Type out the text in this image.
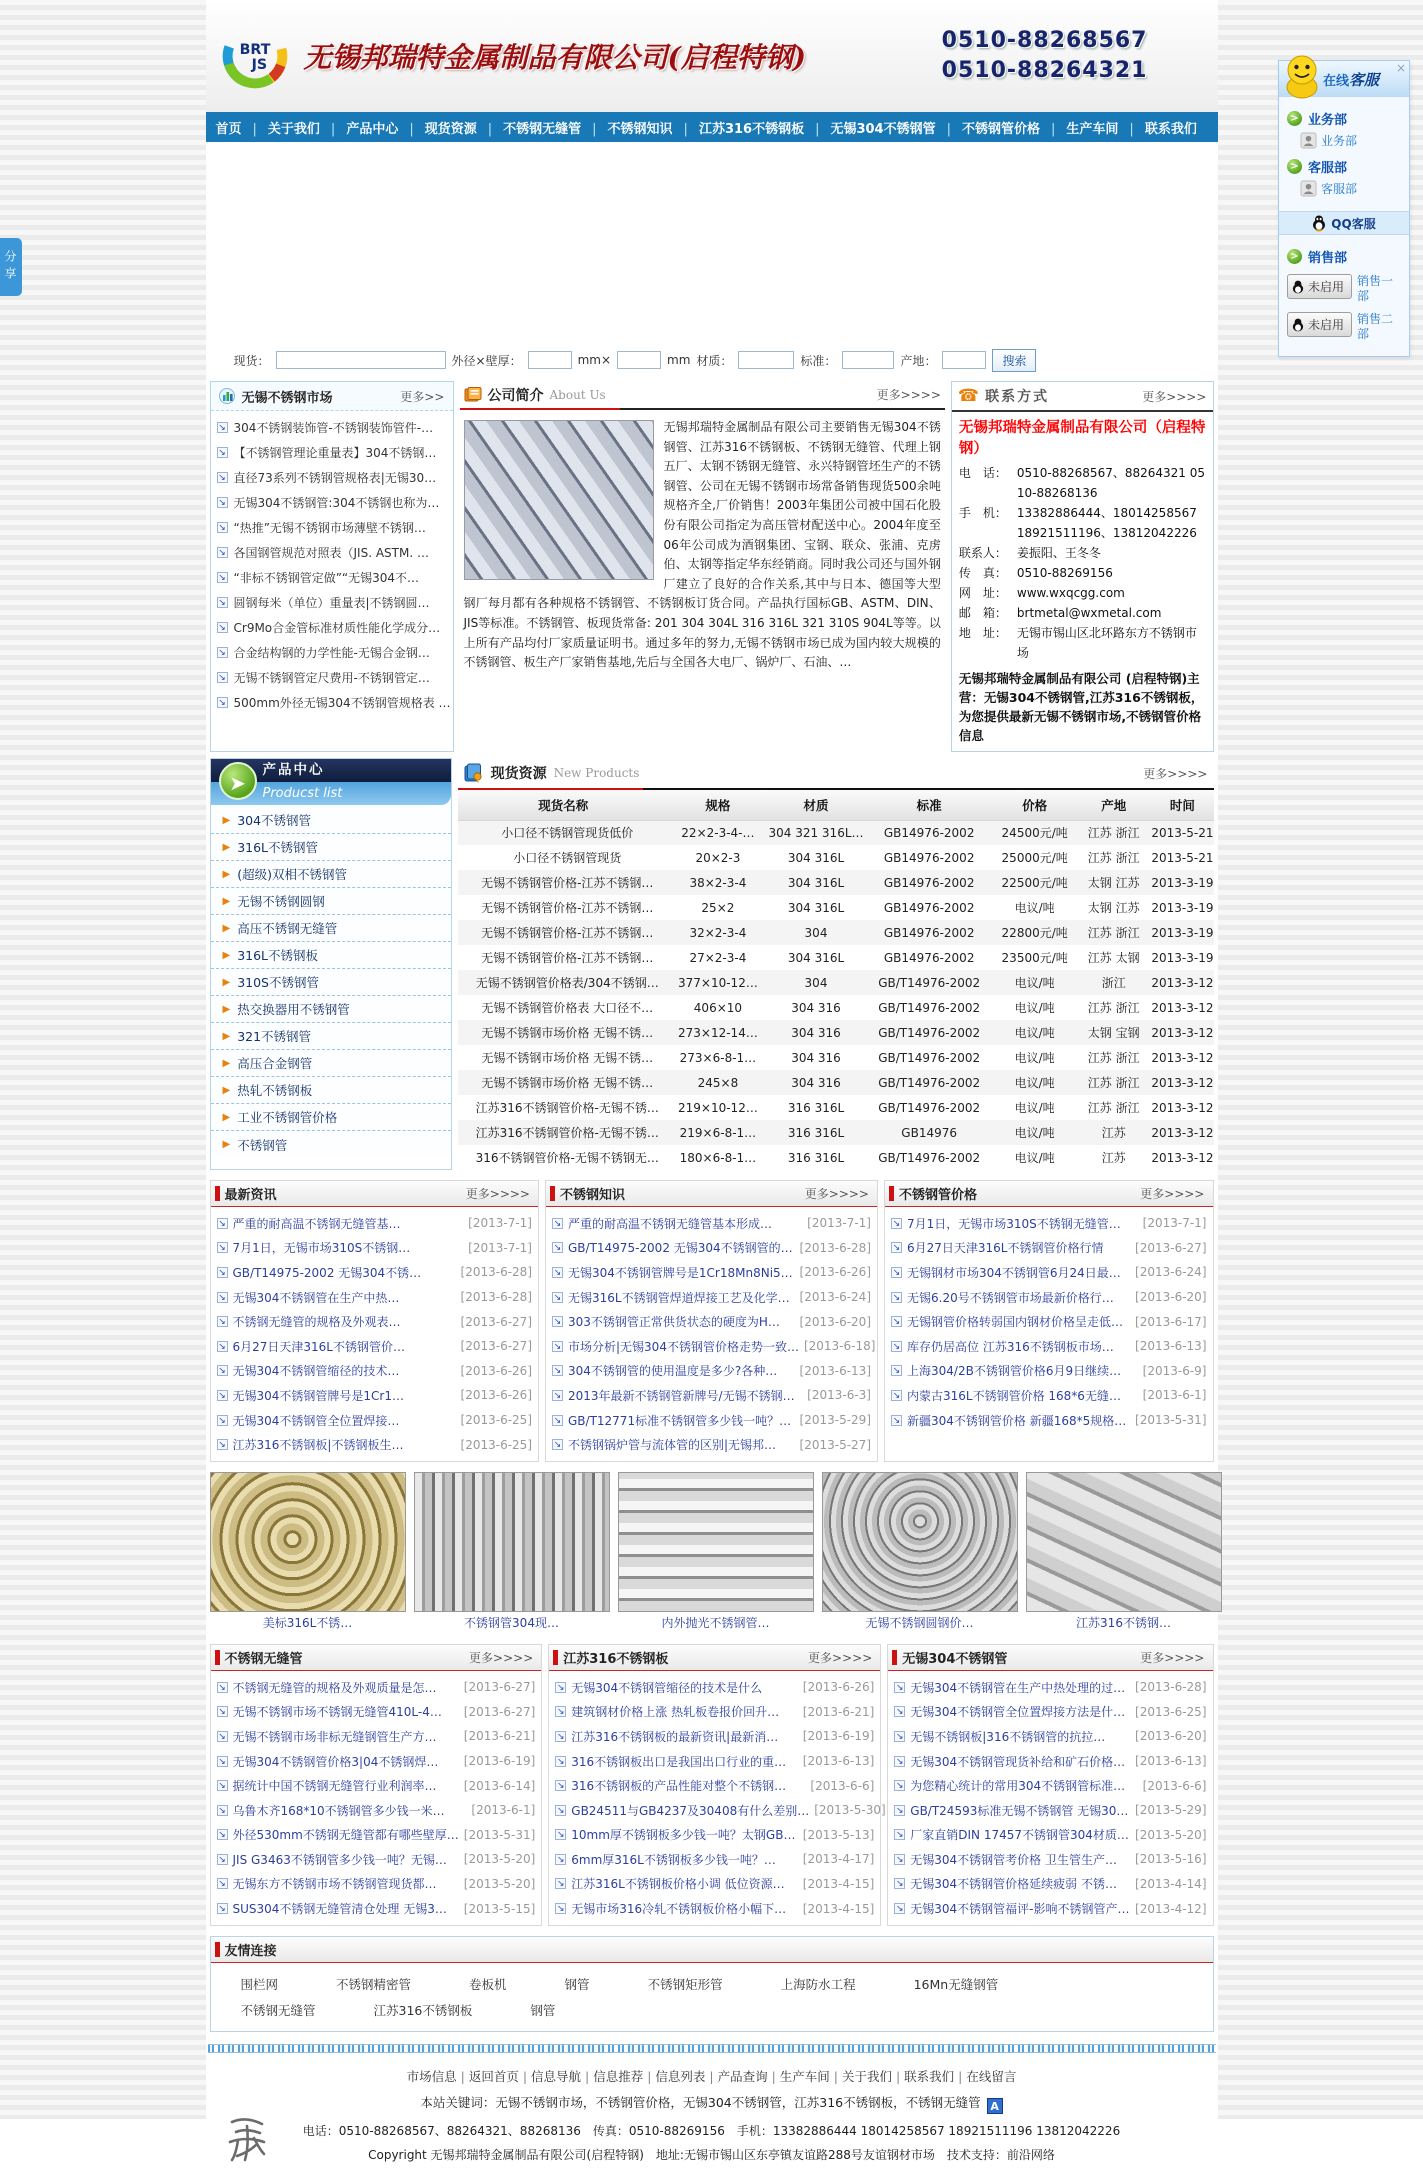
分享
在线 客服
×
> 业务部
业务部
> 客服部
客服部
QQ客服
> 销售部
未启用 销售一部
未启用 销售二部
BRT
JS 无锡邦瑞特金属制品有限公司(启程特钢)
0510-88268567
0510-88264321
首页	| 关于我们	| 产品中心	| 现货资源	| 不锈钢无缝管	| 不锈钢知识	| 江苏316不锈钢板	| 无锡304不锈钢管	| 不锈钢管价格	| 生产车间	| 联系我们
现货：	外径×壁厚：	mm×	mm 材质：	标准：	产地：	搜索
无锡不锈钢市场	更多>>
↘ 304不锈钢装饰管-不锈钢装饰管件-…
↘ 【不锈钢管理论重量表】304不锈钢…
↘ 直径73系列不锈钢管规格表|无锡30…
↘ 无锡304不锈钢管:304不锈钢也称为…
↘ “热推”无锡不锈钢市场薄壁不锈钢…
↘ 各国钢管规范对照表（JIS. ASTM. …
↘ “非标不锈钢管定做”“无锡304不…
↘ 圆钢每米（单位）重量表|不锈钢圆…
↘ Cr9Mo合金管标准材质性能化学成分…
↘ 合金结构钢的力学性能-无锡合金钢…
↘ 无锡不锈钢管定尺费用-不锈钢管定…
↘ 500mm外径无锡304不锈钢管规格表 …
公司简介 About Us	更多>>>>

无锡邦瑞特金属制品有限公司主要销售无锡304不锈钢管、江苏316不锈钢板、不锈钢无缝管、代理上钢五厂、太钢不锈钢无缝管、永兴特钢管坯生产的不锈钢管、公司在无锡不锈钢市场常备销售现货500余吨规格齐全,厂价销售！2003年集团公司被中国石化股份有限公司指定为高压管材配送中心。2004年度至06年公司成为酒钢集团、宝钢、联众、张浦、克虏伯、太钢等指定华东经销商。同时我公司还与国外钢厂建立了良好的合作关系,其中与日本、德国等大型钢厂每月都有各种规格不锈钢管、不锈钢板订货合同。产品执行国标GB、ASTM、DIN、JIS等标准。不锈钢管、板现货常备: 201 304 304L 316 316L 321 310S 904L等等。以上所有产品均付厂家质量证明书。通过多年的努力,无锡不锈钢市场已成为国内较大规模的不锈钢管、板生产厂家销售基地,先后与全国各大电厂、锅炉厂、石油、…

☎ 联系方式	更多>>>>
无锡邦瑞特金属制品有限公司（启程特钢）
电　话： 0510-88268567、88264321 0510-88268136
手　机： 13382886444、18014258567 18921511196、13812042226
联系人： 姜振阳、王冬冬
传　真： 0510-88269156
网　址： www.wxqcgg.com
邮　箱： brtmetal@wxmetal.com
地　址： 无锡市锡山区北环路东方不锈钢市场
无锡邦瑞特金属制品有限公司 (启程特钢)主营：无锡304不锈钢管,江苏316不锈钢板，为您提供最新无锡不锈钢市场,不锈钢管价格信息
产品中心
Producst list
➤
▶ 304不锈钢管
▶ 316L不锈钢管
▶ (超级)双相不锈钢管
▶ 无锡不锈钢圆钢
▶ 高压不锈钢无缝管
▶ 316L不锈钢板
▶ 310S不锈钢管
▶ 热交换器用不锈钢管
▶ 321不锈钢管
▶ 高压合金钢管
▶ 热轧不锈钢板
▶ 工业不锈钢管价格
▶ 不锈钢管
现货资源 New Products	更多>>>>
现货名称	规格	材质	标准	价格	产地	时间
小口径不锈钢管现货低价	22×2-3-4-…	304 321 316L…	GB14976-2002	24500元/吨	江苏 浙江	2013-5-21
小口径不锈钢管现货	20×2-3	304 316L	GB14976-2002	25000元/吨	江苏 浙江	2013-5-21
无锡不锈钢管价格-江苏不锈钢…	38×2-3-4	304 316L	GB14976-2002	22500元/吨	太钢 江苏	2013-3-19
无锡不锈钢管价格-江苏不锈钢…	25×2	304 316L	GB14976-2002	电议/吨	太钢 江苏	2013-3-19
无锡不锈钢管价格-江苏不锈钢…	32×2-3-4	304	GB14976-2002	22800元/吨	江苏 浙江	2013-3-19
无锡不锈钢管价格-江苏不锈钢…	27×2-3-4	304 316L	GB14976-2002	23500元/吨	江苏 太钢	2013-3-19
无锡不锈钢管价格表/304不锈钢…	377×10-12…	304	GB/T14976-2002	电议/吨	浙江	2013-3-12
无锡不锈钢管价格表 大口径不…	406×10	304 316	GB/T14976-2002	电议/吨	江苏 浙江	2013-3-12
无锡不锈钢市场价格 无锡不锈…	273×12-14…	304 316	GB/T14976-2002	电议/吨	太钢 宝钢	2013-3-12
无锡不锈钢市场价格 无锡不锈…	273×6-8-1…	304 316	GB/T14976-2002	电议/吨	江苏 浙江	2013-3-12
无锡不锈钢市场价格 无锡不锈…	245×8	304 316	GB/T14976-2002	电议/吨	江苏 浙江	2013-3-12
江苏316不锈钢管价格-无锡不锈…	219×10-12…	316 316L	GB/T14976-2002	电议/吨	江苏 浙江	2013-3-12
江苏316不锈钢管价格-无锡不锈…	219×6-8-1…	316 316L	GB14976	电议/吨	江苏	2013-3-12
316不锈钢管价格-无锡不锈钢无…	180×6-8-1…	316 316L	GB/T14976-2002	电议/吨	江苏	2013-3-12
最新资讯	更多>>>>
↘ 严重的耐高温不锈钢无缝管基…	[2013-7-1]
↘ 7月1日，无锡市场310S不锈钢…	[2013-7-1]
↘ GB/T14975-2002 无锡304不锈…	[2013-6-28]
↘ 无锡304不锈钢管在生产中热…	[2013-6-28]
↘ 不锈钢无缝管的规格及外观表…	[2013-6-27]
↘ 6月27日天津316L不锈钢管价…	[2013-6-27]
↘ 无锡304不锈钢管缩径的技术…	[2013-6-26]
↘ 无锡304不锈钢管牌号是1Cr1…	[2013-6-26]
↘ 无锡304不锈钢管全位置焊接…	[2013-6-25]
↘ 江苏316不锈钢板|不锈钢板生…	[2013-6-25]
不锈钢知识	更多>>>>
↘ 严重的耐高温不锈钢无缝管基本形成…	[2013-7-1]
↘ GB/T14975-2002 无锡304不锈钢管的… [2013-6-28]
↘ 无锡304不锈钢管牌号是1Cr18Mn8Ni5… [2013-6-26]
↘ 无锡316L不锈钢管焊道焊接工艺及化学… [2013-6-24]
↘ 303不锈钢管正常供货状态的硬度为H…	[2013-6-20]
↘ 市场分析|无锡304不锈钢管价格走势一致… [2013-6-18]
↘ 304不锈钢管的使用温度是多少?各种…	[2013-6-13]
↘ 2013年最新不锈钢管新牌号/无锡不锈钢…	[2013-6-3]
↘ GB/T12771标准不锈钢管多少钱一吨？… [2013-5-29]
↘ 不锈钢锅炉管与流体管的区别|无锡邦…	[2013-5-27]
不锈钢管价格	更多>>>>
↘ 7月1日，无锡市场310S不锈钢无缝管…	[2013-7-1]
↘ 6月27日天津316L不锈钢管价格行情	[2013-6-27]
↘ 无锡钢材市场304不锈钢管6月24日最…	[2013-6-24]
↘ 无锡6.20号不锈钢管市场最新价格行…	[2013-6-20]
↘ 无锡钢管价格转弱国内钢材价格呈走低…	[2013-6-17]
↘ 库存仍居高位 江苏316不锈钢板市场…	[2013-6-13]
↘ 上海304/2B不锈钢管价格6月9日继续…	[2013-6-9]
↘ 内蒙古316L不锈钢管价格 168*6无缝…	[2013-6-1]
↘ 新疆304不锈钢管价格 新疆168*5规格… [2013-5-31]
美标316L不锈…	不锈钢管304现…	内外抛光不锈钢管…	无锡不锈钢圆钢价…	江苏316不锈钢…
不锈钢无缝管	更多>>>>
↘ 不锈钢无缝管的规格及外观质量是怎…	[2013-6-27]
↘ 无锡不锈钢市场不锈钢无缝管410L-4…	[2013-6-27]
↘ 无锡不锈钢市场非标无缝钢管生产方…	[2013-6-21]
↘ 无锡304不锈钢管价格3|04不锈钢焊…	[2013-6-19]
↘ 据统计中国不锈钢无缝管行业利润率…	[2013-6-14]
↘ 乌鲁木齐168*10不锈钢管多少钱一米…	[2013-6-1]
↘ 外径530mm不锈钢无缝管都有哪些壁厚… [2013-5-31]
↘ JIS G3463不锈钢管多少钱一吨？无锡…	[2013-5-20]
↘ 无锡东方不锈钢市场不锈钢管现货都…	[2013-5-20]
↘ SUS304不锈钢无缝管清仓处理 无锡3…	[2013-5-15]
江苏316不锈钢板	更多>>>>
↘ 无锡304不锈钢管缩径的技术是什么	[2013-6-26]
↘ 建筑钢材价格上涨 热轧板卷报价回升…	[2013-6-21]
↘ 江苏316不锈钢板的最新资讯|最新消…	[2013-6-19]
↘ 316不锈钢板出口是我国出口行业的重…	[2013-6-13]
↘ 316不锈钢板的产品性能对整个不锈钢…	[2013-6-6]
↘ GB24511与GB4237及30408有什么差别… [2013-5-30]
↘ 10mm厚不锈钢板多少钱一吨？太钢GB… [2013-5-13]
↘ 6mm厚316L不锈钢板多少钱一吨？…	[2013-4-17]
↘ 江苏316L不锈钢板价格小调 低位资源…	[2013-4-15]
↘ 无锡市场316冷轧不锈钢板价格小幅下…	[2013-4-15]
无锡304不锈钢管	更多>>>>
↘ 无锡304不锈钢管在生产中热处理的过… [2013-6-28]
↘ 无锡304不锈钢管全位置焊接方法是什… [2013-6-25]
↘ 无锡不锈钢板|316不锈钢管的抗拉…	[2013-6-20]
↘ 无锡304不锈钢管现货补给和矿石价格… [2013-6-13]
↘ 为您精心统计的常用304不锈钢管标准…	[2013-6-6]
↘ GB/T24593标准无锡不锈钢管 无锡30… [2013-5-29]
↘ 厂家直销DIN 17457不锈钢管304材质… [2013-5-20]
↘ 无锡304不锈钢管考价格 卫生管生产…	[2013-5-16]
↘ 无锡304不锈钢管价格延续疲弱 不锈…	[2013-4-14]
↘ 无锡304不锈钢管福评-影响不锈钢管产… [2013-4-12]
友情连接
围栏网	不锈钢精密管	卷板机	钢管	不锈钢矩形管	上海防水工程	16Mn无缝钢管
不锈钢无缝管	江苏316不锈钢板	钢管
市场信息 | 返回首页 | 信息导航 | 信息推荐 | 信息列表 | 产品查询 | 生产车间 | 关于我们 | 联系我们 | 在线留言
本站关键词：无锡不锈钢市场，不锈钢管价格，无锡304不锈钢管，江苏316不锈钢板，不锈钢无缝管 A
电话：0510-88268567、88264321、88268136　传真：0510-88269156　手机：13382886444 18014258567 18921511196 13812042226
Copyright 无锡邦瑞特金属制品有限公司(启程特钢)　地址:无锡市锡山区东亭镇友谊路288号友谊钢材市场　技术支持：前沿网络
